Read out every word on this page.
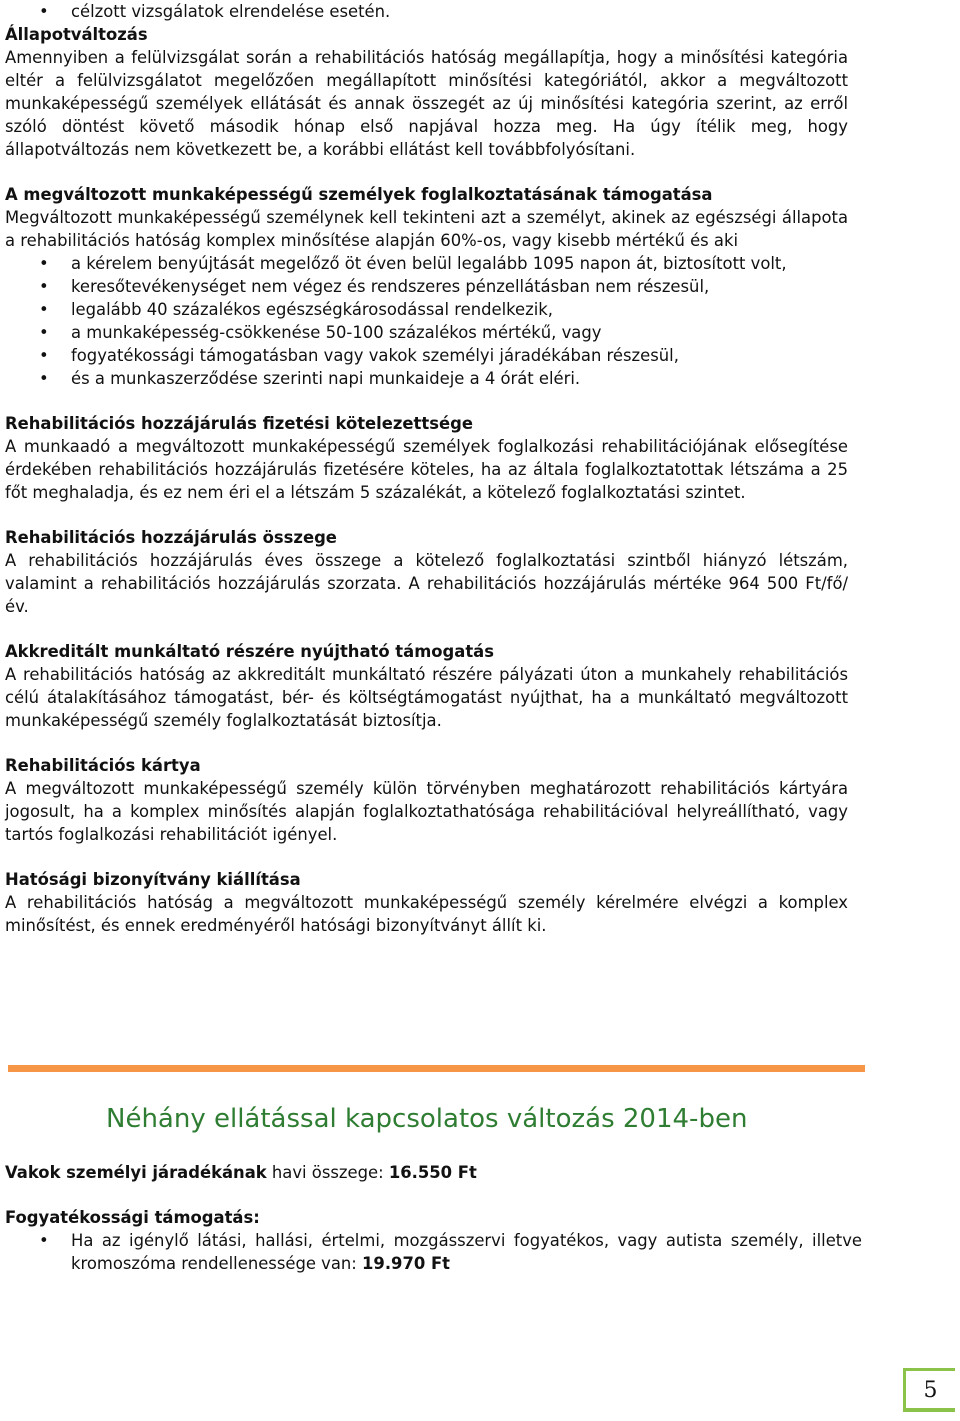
• célzott vizsgálatok elrendelése esetén.

Állapotváltozás

Amennyiben a felülvizsgálat során a rehabilitációs hatóság megállapítja, hogy a minősítési kategória eltér a felülvizsgálatot megelőzően megállapított minősítési kategóriától, akkor a megváltozott munkaképességű személyek ellátását és annak összegét az új minősítési kategória szerint, az erről szóló döntést követő második hónap első napjával hozza meg. Ha úgy ítélik meg, hogy állapotváltozás nem következett be, a korábbi ellátást kell továbbfolyósítani.

A megváltozott munkaképességű személyek foglalkoztatásának támogatása

Megváltozott munkaképességű személynek kell tekinteni azt a személyt, akinek az egészségi állapota a rehabilitációs hatóság komplex minősítése alapján 60%-os, vagy kisebb mértékű és aki

• a kérelem benyújtását megelőző öt éven belül legalább 1095 napon át, biztosított volt,
• keresőtevékenységet nem végez és rendszeres pénzellátásban nem részesül,
• legalább 40 százalékos egészségkárosodással rendelkezik,
• a munkaképesség-csökkenése 50-100 százalékos mértékű, vagy
• fogyatékossági támogatásban vagy vakok személyi járadékában részesül,
• és a munkaszerződése szerinti napi munkaideje a 4 órát eléri.

Rehabilitációs hozzájárulás fizetési kötelezettsége

A munkaadó a megváltozott munkaképességű személyek foglalkozási rehabilitációjának elősegítése érdekében rehabilitációs hozzájárulás fizetésére köteles, ha az általa foglalkoztatottak létszáma a 25 főt meghaladja, és ez nem éri el a létszám 5 százalékát, a kötelező foglalkoztatási szintet.

Rehabilitációs hozzájárulás összege

A rehabilitációs hozzájárulás éves összege a kötelező foglalkoztatási szintből hiányzó létszám, valamint a rehabilitációs hozzájárulás szorzata. A rehabilitációs hozzájárulás mértéke 964 500 Ft/fő/év.

Akkreditált munkáltató részére nyújtható támogatás

A rehabilitációs hatóság az akkreditált munkáltató részére pályázati úton a munkahely rehabilitációs célú átalakításához támogatást, bér- és költségtámogatást nyújthat, ha a munkáltató megváltozott munkaképességű személy foglalkoztatását biztosítja.

Rehabilitációs kártya

A megváltozott munkaképességű személy külön törvényben meghatározott rehabilitációs kártyára jogosult, ha a komplex minősítés alapján foglalkoztathatósága rehabilitációval helyreállítható, vagy tartós foglalkozási rehabilitációt igényel.

Hatósági bizonyítvány kiállítása

A rehabilitációs hatóság a megváltozott munkaképességű személy kérelmére elvégzi a komplex minősítést, és ennek eredményéről hatósági bizonyítványt állít ki.

Néhány ellátással kapcsolatos változás 2014-ben

Vakok személyi járadékának havi összege: 16.550 Ft

Fogyatékossági támogatás:

• Ha az igénylő látási, hallási, értelmi, mozgásszervi fogyatékos, vagy autista személy, illetve kromoszóma rendellenessége van: 19.970 Ft
5
